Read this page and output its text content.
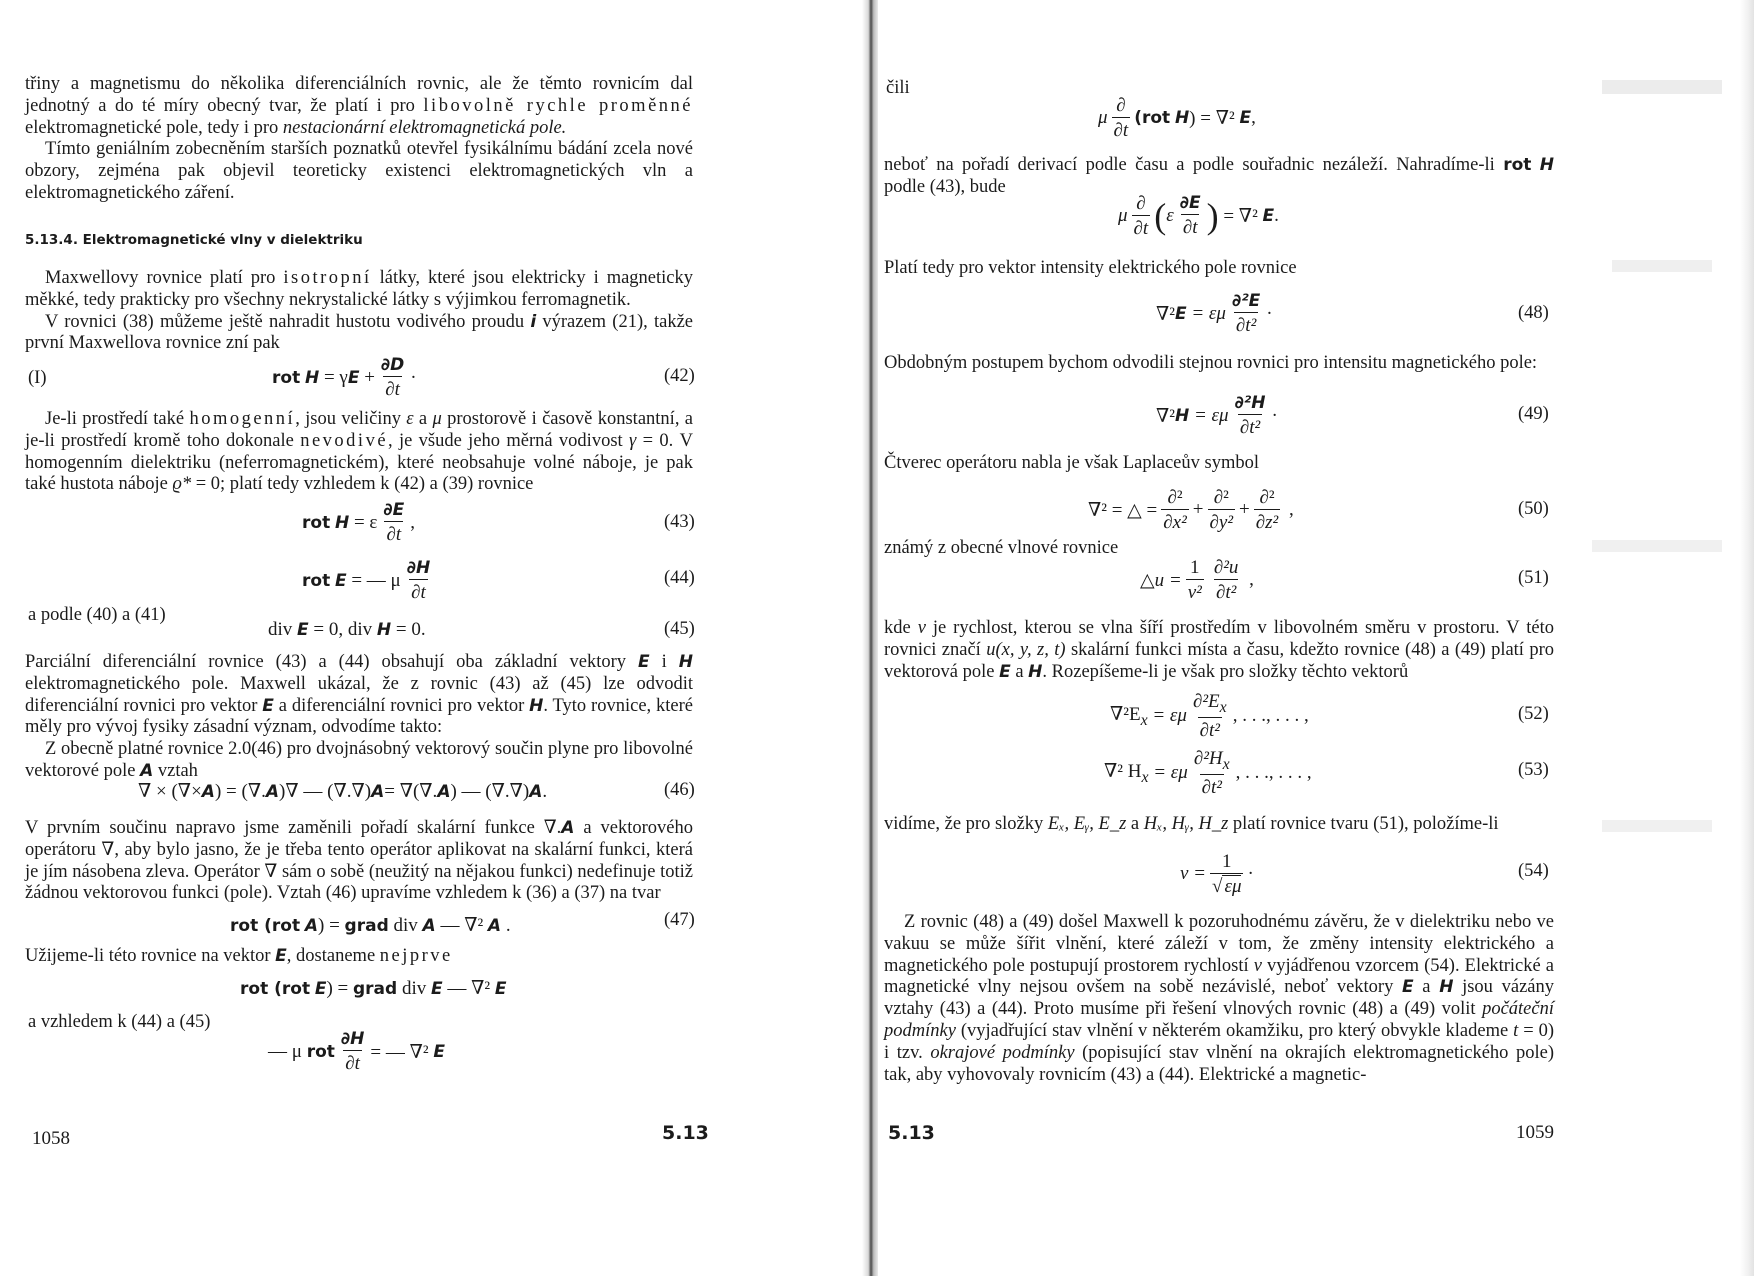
třiny a magnetismu do několika diferenciálních rovnic, ale že těmto rovnicím dal jednotný a do té míry obecný tvar, že platí i pro libovolně rychle proměnné elektromagnetické pole, tedy i pro nestacionární elektromagnetická pole.

Tímto geniálním zobecněním starších poznatků otevřel fysikálnímu bádání zcela nové obzory, zejména pak objevil teoreticky existenci elektromagnetických vln a elektromagnetického záření.

5.13.4. Elektromagnetické vlny v dielektriku

Maxwellovy rovnice platí pro isotropní látky, které jsou elektricky i magneticky měkké, tedy prakticky pro všechny nekrystalické látky s výjimkou ferromagnetik.

V rovnici (38) můžeme ještě nahradit hustotu vodivého proudu i výrazem (21), takže první Maxwellova rovnice zní pak

(I)	rot
H
= γ E
+ $\frac{\partial D}{\partial t}$ ·	(42)

Je-li prostředí také homogenní, jsou veličiny ε a μ prostorově i časově konstantní, a je-li prostředí kromě toho dokonale nevodivé, je všude jeho měrná vodivost γ = 0. V homogenním dielektriku (neferromagnetickém), které neobsahuje volné náboje, je pak také hustota náboje ϱ* = 0; platí tedy vzhledem k (42) a (39) rovnice

rot
H
= ε $\frac{\partial E}{\partial t}$ ,	(43)
rot
E
= — μ $\frac{\partial H}{\partial t}$	(44)
a podle (40) a (41)
div
E
= 0, div
H
= 0.	(45)

Parciální diferenciální rovnice (43) a (44) obsahují oba základní vektory E i H elektromagnetického pole. Maxwell ukázal, že z rovnic (43) až (45) lze odvodit diferenciální rovnici pro vektor E a diferenciální rovnici pro vektor H. Tyto rovnice, které měly pro vývoj fysiky zásadní význam, odvodíme takto:

Z obecně platné rovnice 2.0(46) pro dvojnásobný vektorový součin plyne pro libovolné vektorové pole A vztah

∇ × (∇× A ) = (∇. A )∇ — (∇.∇) A = ∇(∇. A ) — (∇.∇) A .	(46)

V prvním součinu napravo jsme zaměnili pořadí skalární funkce ∇.A a vektorového operátoru ∇, aby bylo jasno, že je třeba tento operátor aplikovat na skalární funkci, která je jím násobena zleva. Operátor ∇ sám o sobě (neužitý na nějakou funkci) nedefinuje totiž žádnou vektorovou funkci (pole). Vztah (46) upravíme vzhledem k (36) a (37) na tvar

rot (rot
A ) =
grad
div
A
— ∇²
A
.	(47)

Užijeme-li této rovnice na vektor E, dostaneme nejprve

rot (rot
E ) =
grad
div
E
— ∇²
E
a vzhledem k (44) a (45)
— μ
rot $\frac{\partial H}{\partial t}$ = — ∇²
E
1058	5.13
čili
μ $\frac{\partial}{\partial t} (rot$
H ) = ∇²
E ,

neboť na pořadí derivací podle času a podle souřadnic nezáleží. Nahradíme-li rot H podle (43), bude

μ $\frac{\partial}{\partial t}$ ( ε $\frac{\partial E}{\partial t}$ )
= ∇²
E .
Platí tedy pro vektor intensity elektrického pole rovnice
∇² E
= εμ $\frac{\text{∂²E}}{\text{∂t²}}$ ·	(48)

Obdobným postupem bychom odvodili stejnou rovnici pro intensitu magnetického pole:

∇² H
= εμ $\frac{\text{∂²H}}{\text{∂t²}}$ ·	(49)
Čtverec operátoru nabla je však Laplaceův symbol
∇² = △ = $\frac{\text{∂²}}{\text{∂x²}} + \frac{\text{∂²}}{\text{∂y²}} + \frac{\text{∂²}}{\text{∂z²}}$
,	(50)
známý z obecné vlnové rovnice
△u = $\frac{1}{\text{v²}} \frac{\text{∂²u}}{\text{∂t²}}$
,	(51)

kde v je rychlost, kterou se vlna šíří prostředím v libovolném směru v prostoru. V této rovnici značí u(x, y, z, t) skalární funkci místa a času, kdežto rovnice (48) a (49) platí pro vektorová pole E a H. Rozepíšeme-li je však pro složky těchto vektorů

$\nabla^2E_x$
= εμ $\frac{\partial^2E_x}{\text{∂t²}}$ , . . ., . . . ,	(52)
∇² $H_x$
= εμ $\frac{\partial^2H_x}{\text{∂t²}}$ , . . ., . . . ,	(53)

vidíme, že pro složky Eₓ, Eᵧ, E_z a Hₓ, Hᵧ, H_z platí rovnice tvaru (51), položíme-li

$v = \frac{1}{√ \varepsilon\mu}$ ·	(54)

Z rovnic (48) a (49) došel Maxwell k pozoruhodnému závěru, že v dielektriku nebo ve vakuu se může šířit vlnění, které záleží v tom, že změny intensity elektrického a magnetického pole postupují prostorem rychlostí v vyjádřenou vzorcem (54). Elektrické a magnetické vlny nejsou ovšem na sobě nezávislé, neboť vektory E a H jsou vázány vztahy (43) a (44). Proto musíme při řešení vlnových rovnic (48) a (49) volit počáteční podmínky (vyjadřující stav vlnění v některém okamžiku, pro který obvykle klademe t = 0) i tzv. okrajové podmínky (popisující stav vlnění na okrajích elektromagnetického pole) tak, aby vyhovovaly rovnicím (43) a (44). Elektrické a magnetic-

5.13	1059
